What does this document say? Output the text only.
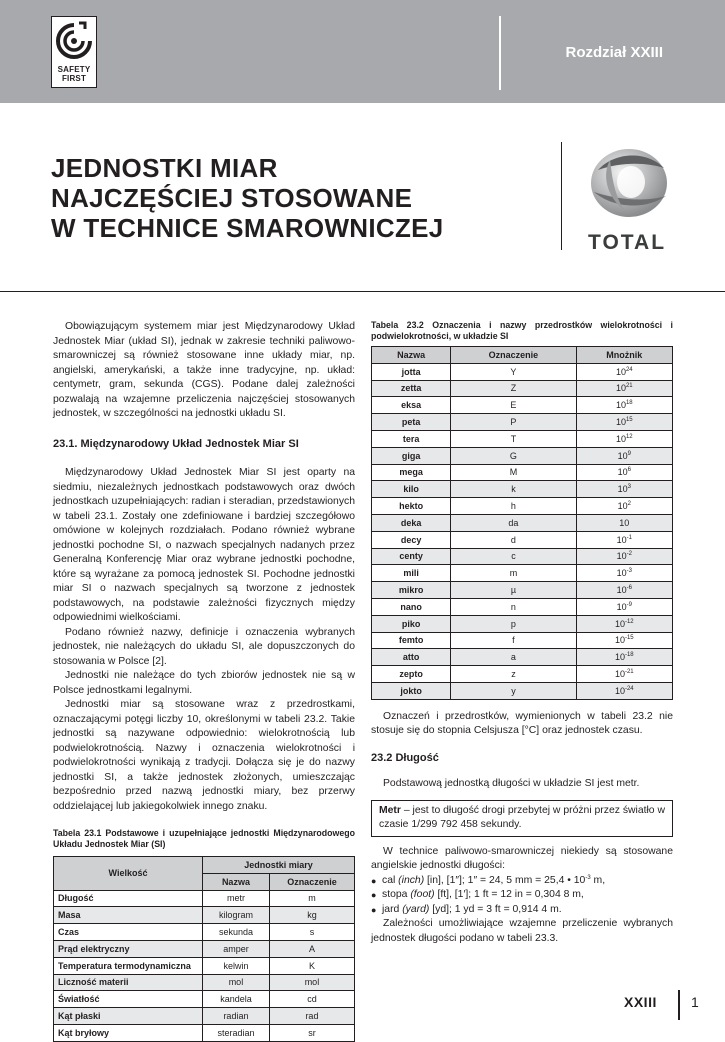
SAFETY
FIRST
Rozdział XXIII
JEDNOSTKI MIAR
NAJCZĘŚCIEJ STOSOWANE
W TECHNICE SMAROWNICZEJ	TOTAL

Obowiązującym systemem miar jest Międzynarodowy Układ Jednostek Miar (układ SI), jednak w zakresie techniki paliwowo-smarowniczej są również stosowane inne układy miar, np. angielski, amerykański, a także inne tradycyjne, np. układ: centymetr, gram, sekunda (CGS). Podane dalej zależności pozwalają na wzajemne przeliczenia najczęściej stosowanych jednostek, w szczególności na jednostki układu SI.

23.1. Międzynarodowy Układ Jednostek Miar SI

Międzynarodowy Układ Jednostek Miar SI jest oparty na siedmiu, niezależnych jednostkach podstawowych oraz dwóch jednostkach uzupełniających: radian i steradian, przedstawionych w tabeli 23.1. Zostały one zdefiniowane i bardziej szczegółowo omówione w kolejnych rozdziałach. Podano również wybrane jednostki pochodne SI, o nazwach specjalnych nadanych przez Generalną Konferencję Miar oraz wybrane jednostki pochodne, które są wyrażane za pomocą jednostek SI. Pochodne jednostki miar SI o nazwach specjalnych są tworzone z jednostek podstawowych, na podstawie zależności fizycznych między odpowiednimi wielkościami.

Podano również nazwy, definicje i oznaczenia wybranych jednostek, nie należących do układu SI, ale dopuszczonych do stosowania w Polsce [2].

Jednostki nie należące do tych zbiorów jednostek nie są w Polsce jednostkami legalnymi.

Jednostki miar są stosowane wraz z przedrostkami, oznaczającymi potęgi liczby 10, określonymi w tabeli 23.2. Takie jednostki są nazywane odpowiednio: wielokrotnością lub podwielokrotnością. Nazwy i oznaczenia wielokrotności i podwielokrotności wynikają z tradycji. Dołącza się je do nazwy jednostki SI, a także jednostek złożonych, umieszczając bezpośrednio przed nazwą jednostki miary, bez przerwy oddzielającej lub jakiegokolwiek innego znaku.

Tabela 23.1 Podstawowe i uzupełniające jednostki Międzynarodowego Układu Jednostek Miar (SI)

Wielkość	Jednostki miary	
	Nazwa	Oznaczenie
Długość	metr	m
Masa	kilogram	kg
Czas	sekunda	s
Prąd elektryczny	amper	A
Temperatura termodynamiczna	kelwin	K
Liczność materii	mol	mol
Światłość	kandela	cd
Kąt płaski	radian	rad
Kąt bryłowy	steradian	sr

Tabela 23.2 Oznaczenia i nazwy przedrostków wielokrotności i podwielokrotności, w układzie SI

Nazwa	Oznaczenie	Mnożnik
jotta	Y	$10^{24}$
zetta	Z	$10^{21}$
eksa	E	$10^{18}$
peta	P	$10^{15}$
tera	T	$10^{12}$
giga	G	$10^9$
mega	M	$10^6$
kilo	k	$10^3$
hekto	h	$10^2$
deka	da	10
decy	d	$10^{-1}$
centy	c	$10^{-2}$
mili	m	$10^{-3}$
mikro	µ	$10^{-6}$
nano	n	$10^{-9}$
piko	p	$10^{-12}$
femto	f	$10^{-15}$
atto	a	$10^{-18}$
zepto	z	$10^{-21}$
jokto	y	$10^{-24}$

Oznaczeń i przedrostków, wymienionych w tabeli 23.2 nie stosuje się do stopnia Celsjusza [°C] oraz jednostek czasu.

23.2 Długość

Podstawową jednostką długości w układzie SI jest metr.

Metr – jest to długość drogi przebytej w próżni przez światło w czasie 1/299 792 458 sekundy.

W technice paliwowo-smarowniczej niekiedy są stosowane angielskie jednostki długości:

● cal (inch) [in], [1″]; 1″ = 24, 5 mm = 25,4 • $10^{-3}$ m,
● stopa (foot) [ft], [1′]; 1 ft = 12 in = 0,304 8 m,
● jard (yard) [yd]; 1 yd = 3 ft = 0,914 4 m.

Zależności umożliwiające wzajemne przeliczenie wybranych jednostek długości podano w tabeli 23.3.

XXIII 1
